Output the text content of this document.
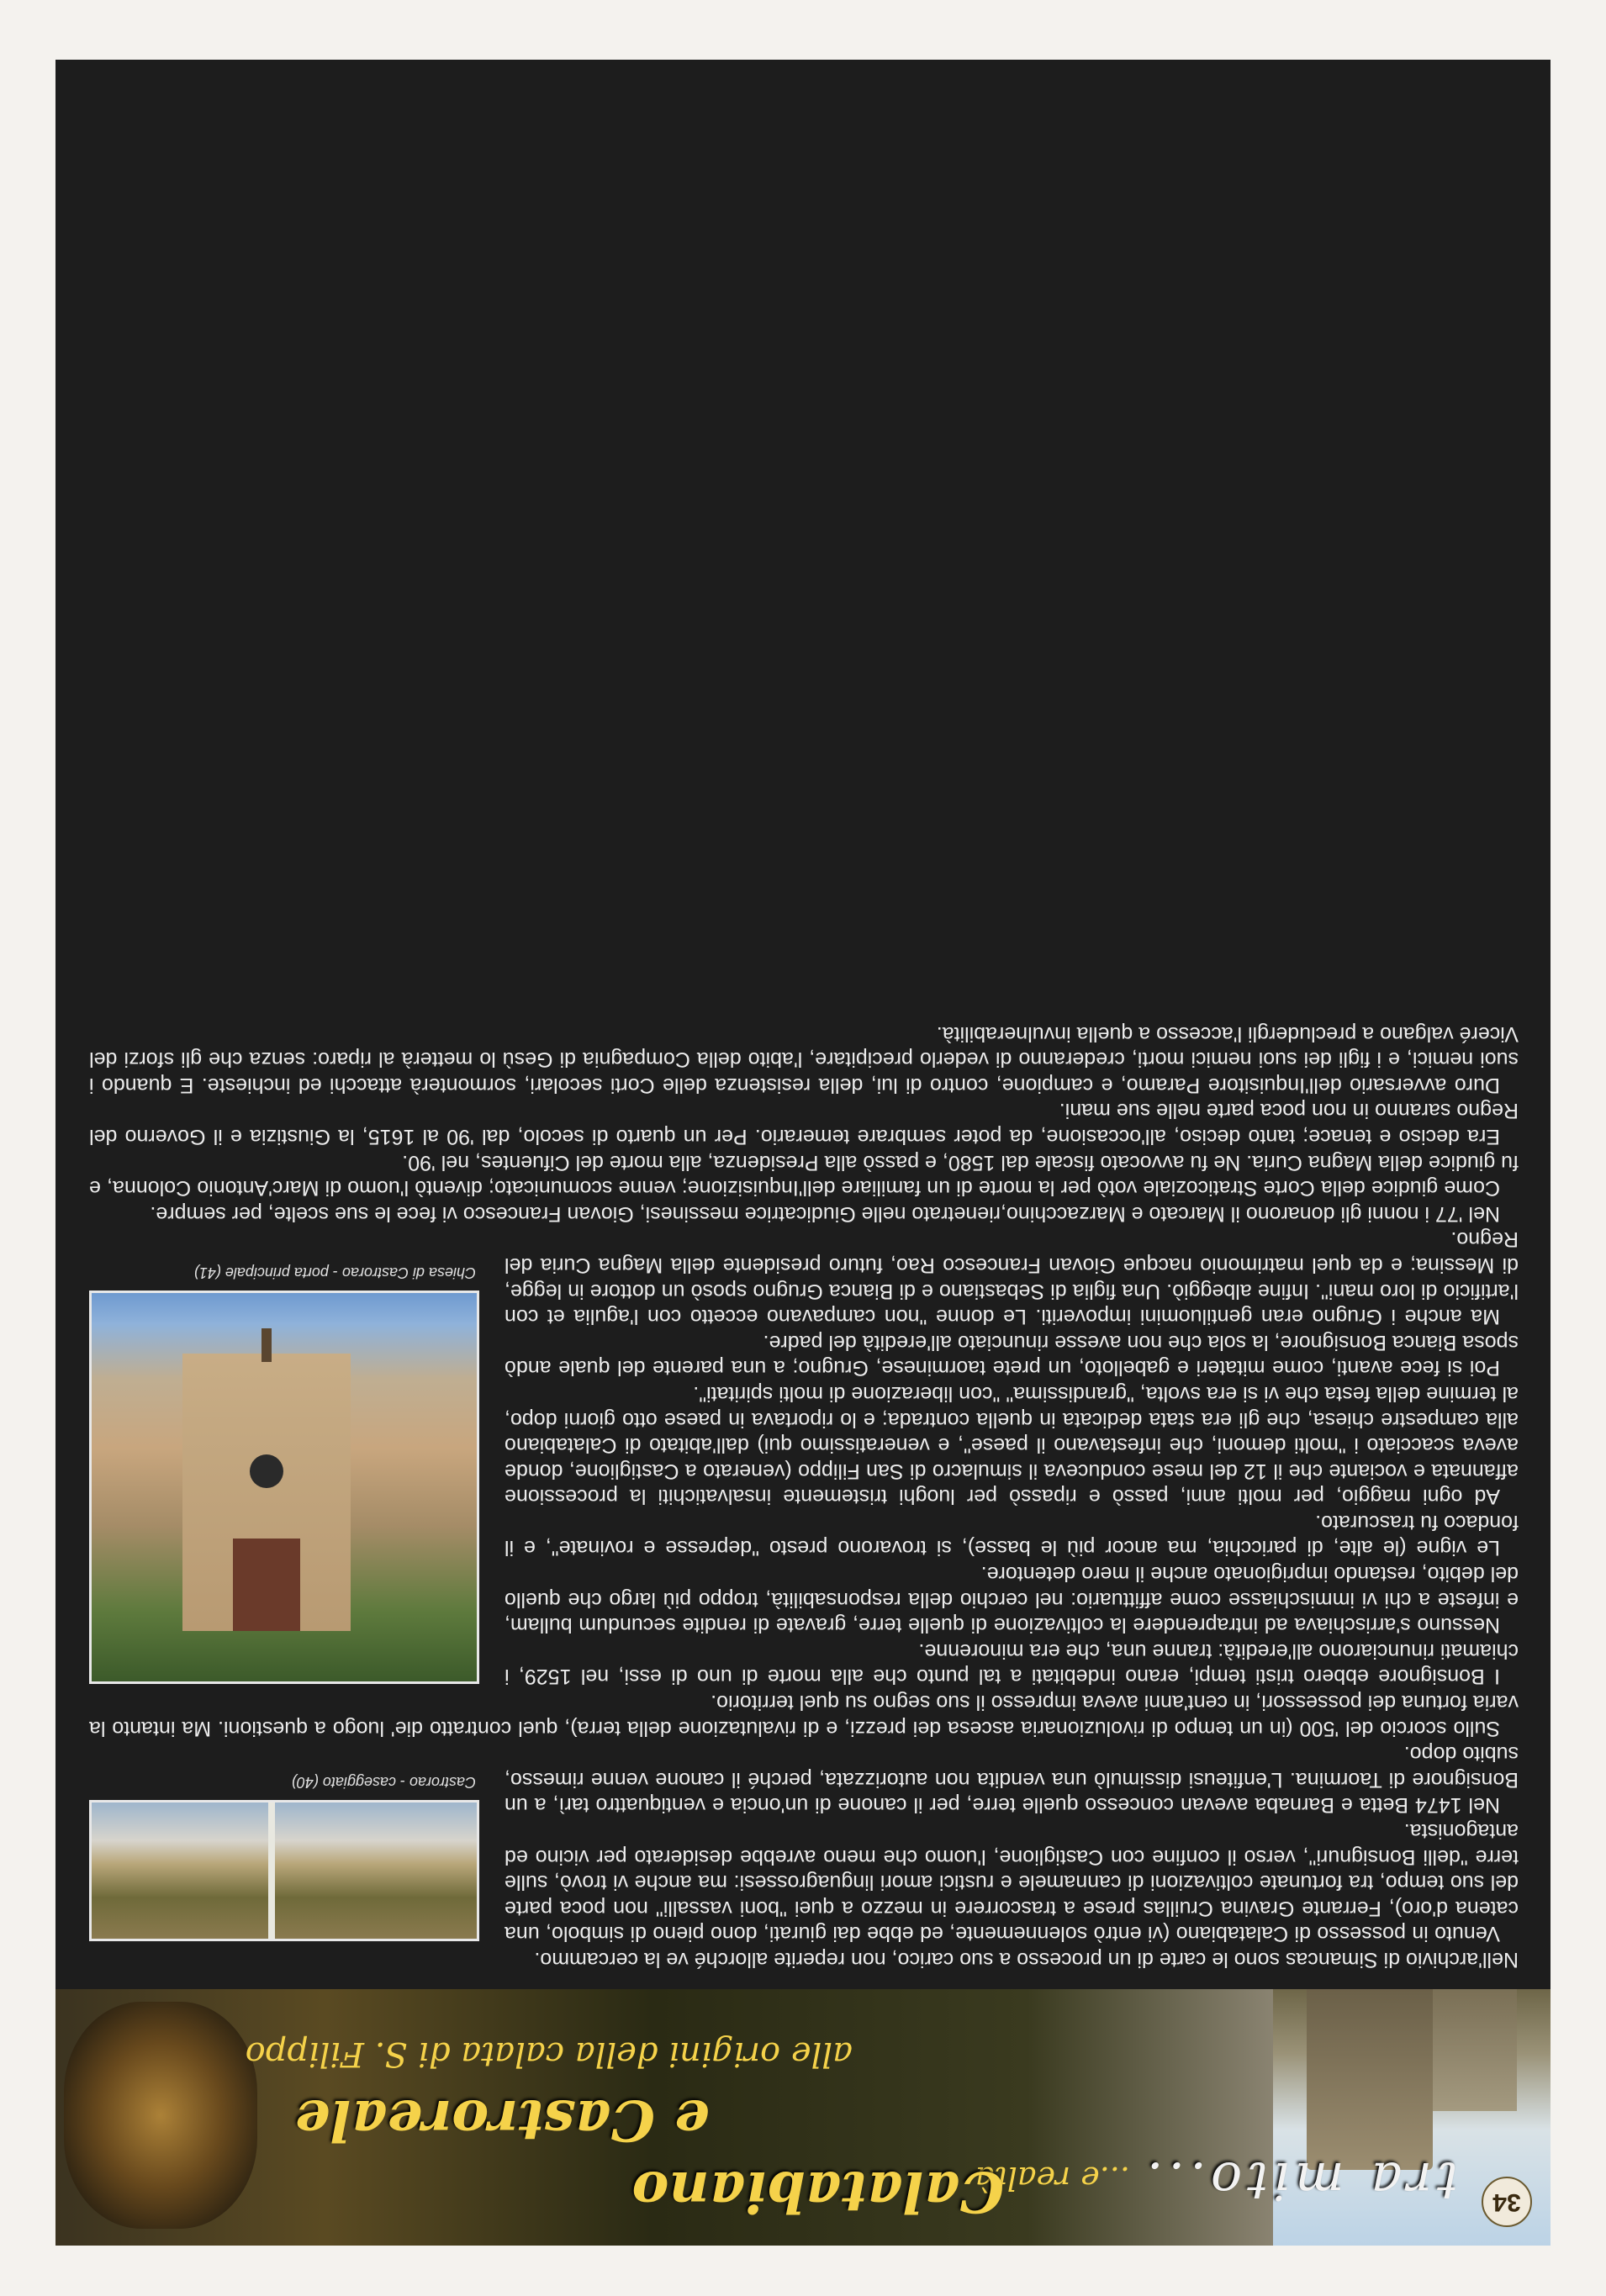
34
tra mito...
...e realtà
Calatabiano
e Castroreale
alle origini della calata di S. Filippo

Nell'archivio di Simancas sono le carte di un processo a suo carico, non reperite allorché ve la cercammo.

Castrorao - caseggiato (40)

Venuto in possesso di Calatabiano (vi entrò solennemente, ed ebbe dai giurati, dono pieno di simbolo, una catena d'oro), Ferrante Gravina Cruillas prese a trascorrere in mezzo a quei "boni vassalli" non poca parte del suo tempo, tra fortunate coltivazioni di cannamele e rustici amori linguagrossesi: ma anche vi trovò, sulle terre "delli Bonsignuri", verso il confine con Castiglione, l'uomo che meno avrebbe desiderato per vicino ed antagonista.

Nel 1474 Betta e Barnaba avevan concesso quelle terre, per il canone di un'oncia e ventiquattro tarì, a un Bonsignore di Taormina. L'enfiteusi dissimulò una vendita non autorizzata, perché il canone venne rimesso, subito dopo.

Sullo scorcio del '500 (in un tempo di rivoluzionaria ascesa dei prezzi, e di rivalutazione della terra), quel contratto die' luogo a questioni. Ma intanto la varia fortuna dei possessori, in cent'anni aveva impresso il suo segno su quel territorio.

Chiesa di Castrorao - porta principale (41)

I Bonsignore ebbero tristi tempi, erano indebitati a tal punto che alla morte di uno di essi, nel 1529, i chiamati rinunciarono all'eredità: tranne una, che era minorenne.

Nessuno s'arrischiava ad intraprendere la coltivazione di quelle terre, gravate di rendite secundum bullam, e infeste a chi vi immischiasse come affittuario: nel cerchio della responsabilità, troppo più largo che quello del debito, restando imprigionato anche il mero detentore.

Le vigne (le alte, di paricchia, ma ancor più le basse), si trovarono presto "depresse e rovinate", e il fondaco fu trascurato.

Ad ogni maggio, per molti anni, passò e ripassò per luoghi tristemente insalvatichiti la processione affannata e vociante che il 12 del mese conduceva il simulacro di San Filippo (venerato a Castiglione, donde aveva scacciato i "molti demoni, che infestavano il paese", e veneratissimo qui) dall'abitato di Calatabiano alla campestre chiesa, che gli era stata dedicata in quella contrada; e lo riportava in paese otto giorni dopo, al termine della festa che vi si era svolta, "grandissima" "con liberazione di molti spiritati".

Poi si fece avanti, come mitateri e gabelloto, un prete taorminese, Grugno; a una parente del quale andò sposa Bianca Bonsignore, la sola che non avesse rinunciato all'eredità del padre.

Ma anche i Grugno eran gentiluomini impoveriti. Le donne "non campavano eccetto con l'agulia et con l'artificio di loro mani". Infine albeggiò. Una figlia di Sebastiano e di Bianca Grugno sposò un dottore in legge, di Messina; e da quel matrimonio nacque Giovan Francesco Rao, futuro presidente della Magna Curia del Regno.

Nel '77 i nonni gli donarono il Marcato e Marzacchino,rienetrato nelle Giudicatrice messinesi, Giovan Francesco vi fece le sue scelte, per sempre.

Come giudice della Corte Straticoziale votò per la morte di un familiare dell'Inquisizione; venne scomunicato; diventò l'uomo di Marc'Antonio Colonna, e fu giudice della Magna Curia. Ne fu avvocato fiscale dal 1580, e passò alla Presidenza, alla morte del Cifuentes, nel '90.

Era deciso e tenace; tanto deciso, all'occasione, da poter sembrare temerario. Per un quarto di secolo, dal '90 al 1615, la Giustizia e il Governo del Regno saranno in non poca parte nelle sue mani.

Duro avversario dell'Inquisitore Paramo, e campione, contro di lui, della resistenza delle Corti secolari, sormonterà attacchi ed inchieste. E quando i suoi nemici, e i figli dei suoi nemici morti, crederanno di vederlo precipitare, l'abito della Compagnia di Gesù lo metterà al riparo: senza che gli sforzi del Viceré valgano a precludergli l'accesso a quella invulnerabilità.
